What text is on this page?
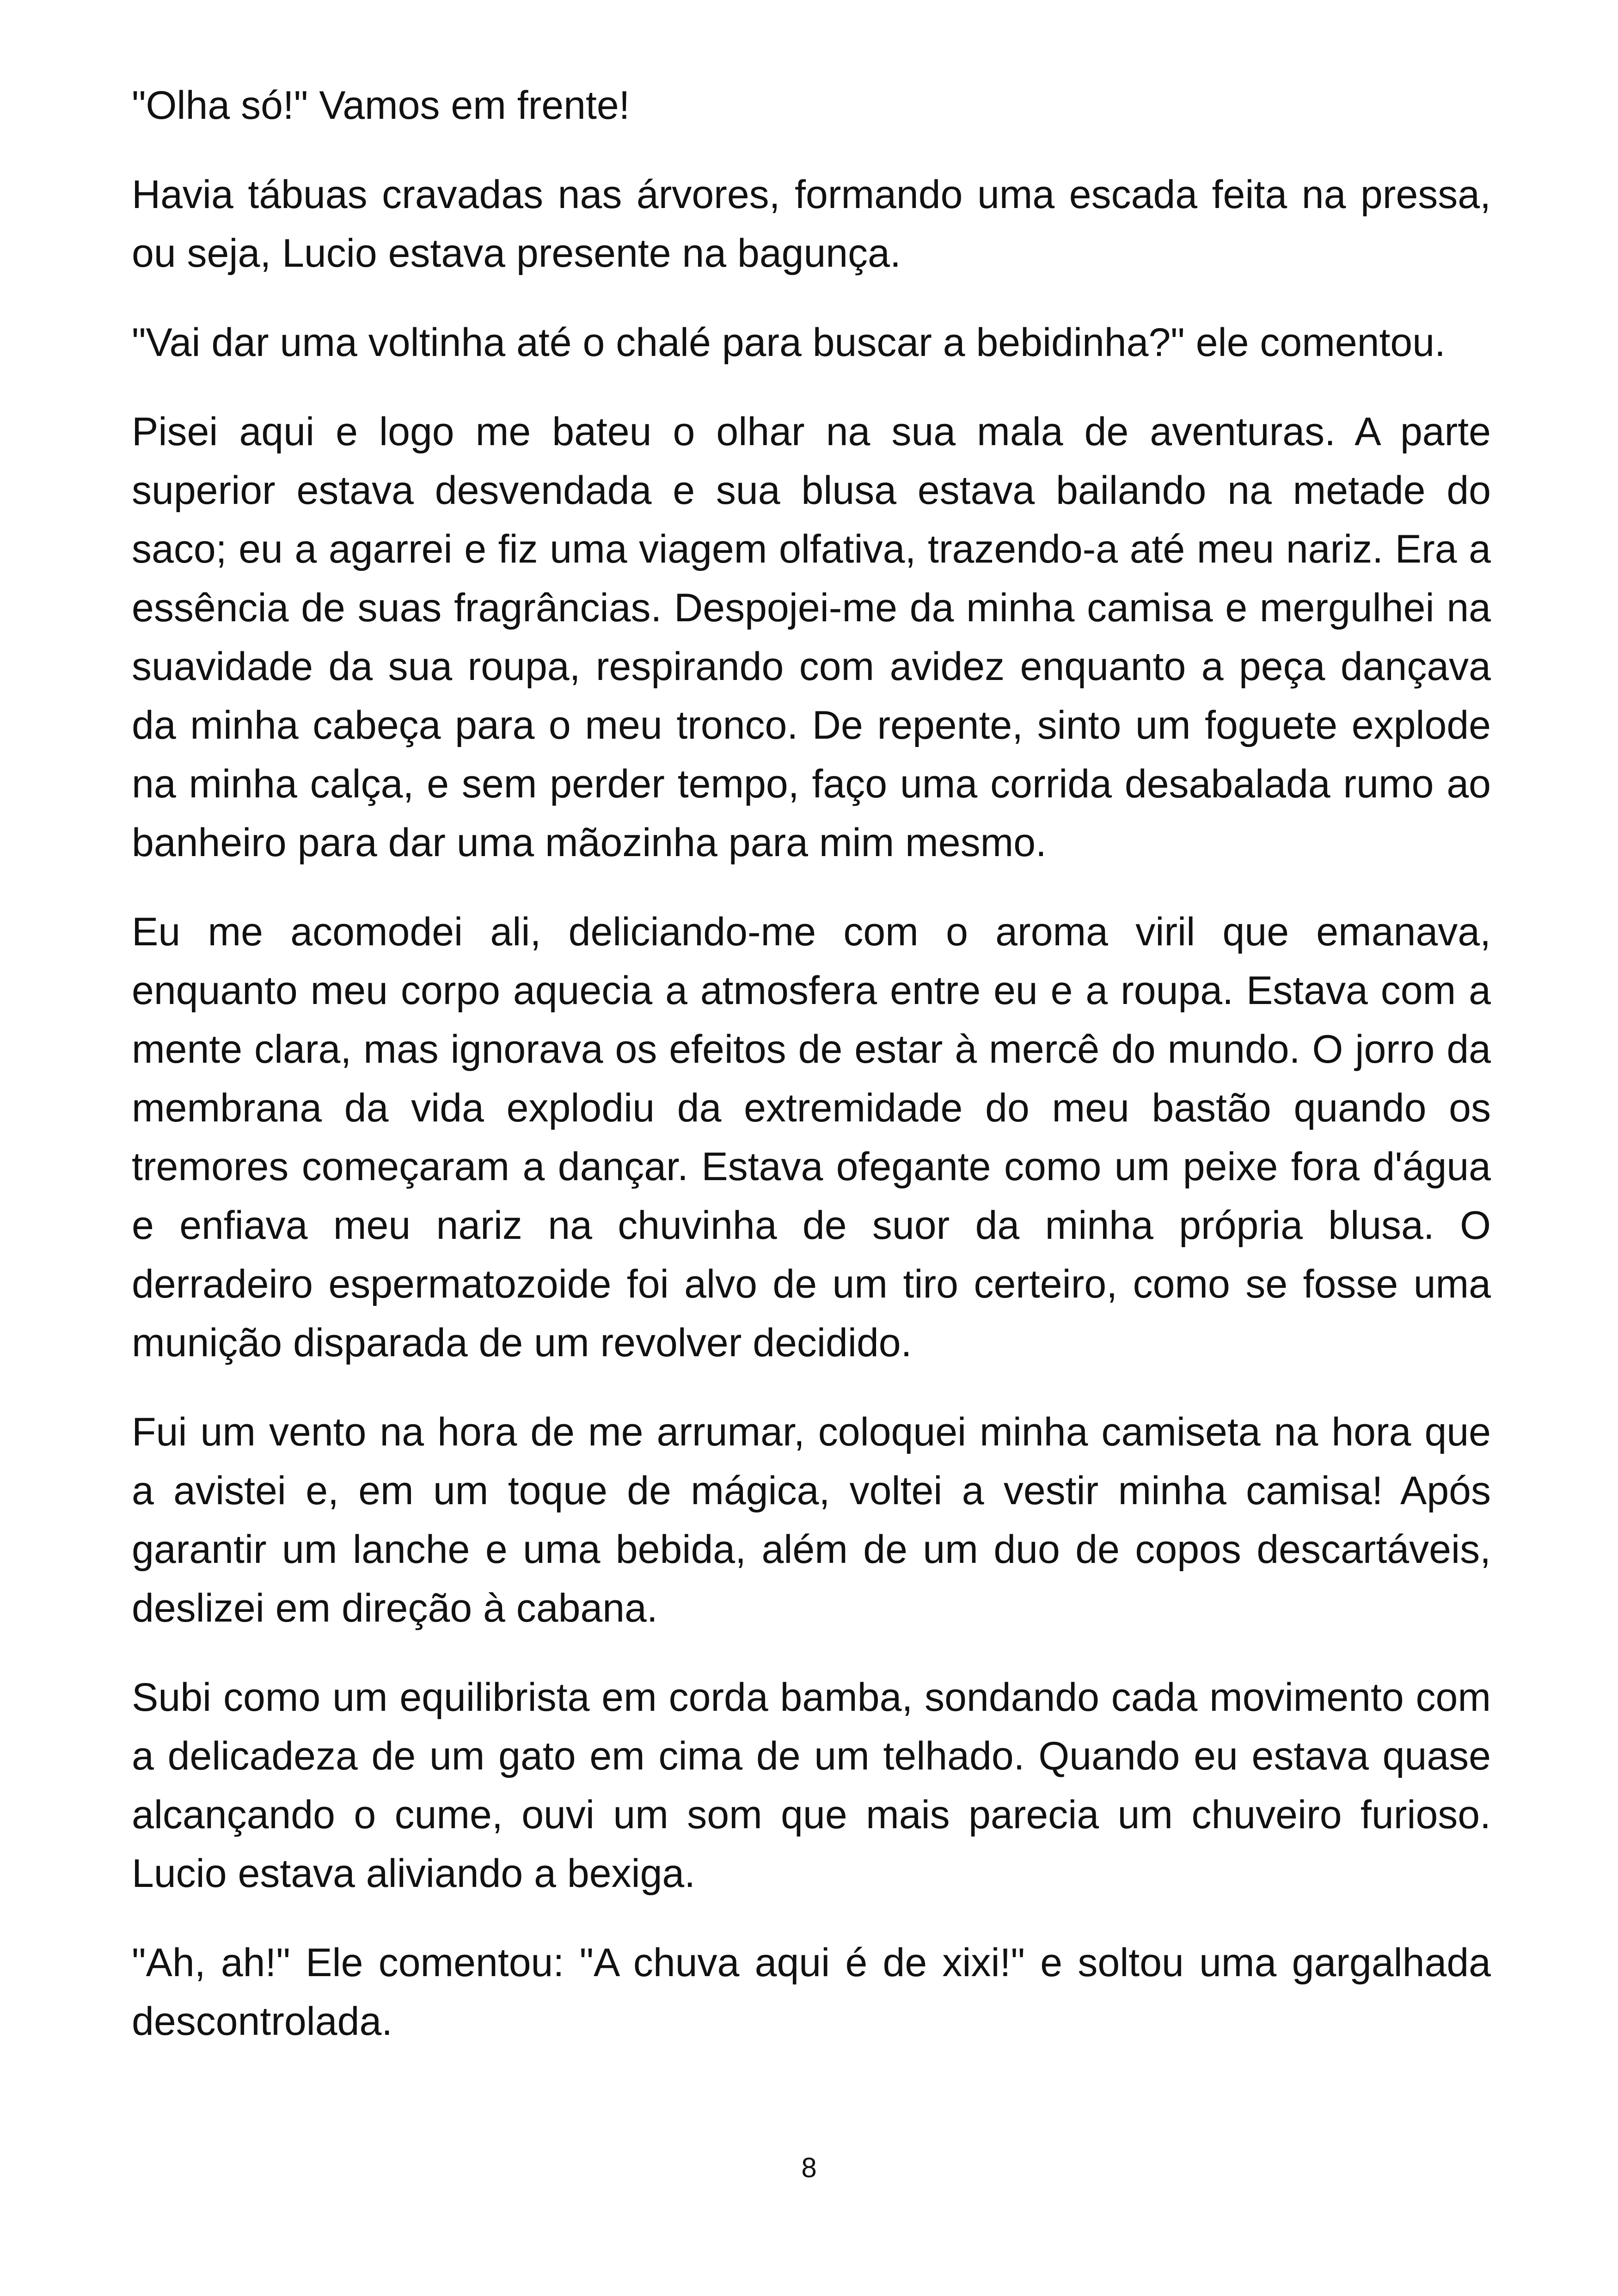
"Olha só!" Vamos em frente!

Havia tábuas cravadas nas árvores, formando uma escada feita na pressa, ou seja, Lucio estava presente na bagunça.

"Vai dar uma voltinha até o chalé para buscar a bebidinha?" ele comentou.

Pisei aqui e logo me bateu o olhar na sua mala de aventuras. A parte superior estava desvendada e sua blusa estava bailando na metade do saco; eu a agarrei e fiz uma viagem olfativa, trazendo-a até meu nariz. Era a essência de suas fragrâncias. Despojei-me da minha camisa e mergulhei na suavidade da sua roupa, respirando com avidez enquanto a peça dançava da minha cabeça para o meu tronco. De repente, sinto um foguete explode na minha calça, e sem perder tempo, faço uma corrida desabalada rumo ao banheiro para dar uma mãozinha para mim mesmo.

Eu me acomodei ali, deliciando-me com o aroma viril que emanava, enquanto meu corpo aquecia a atmosfera entre eu e a roupa. Estava com a mente clara, mas ignorava os efeitos de estar à mercê do mundo. O jorro da membrana da vida explodiu da extremidade do meu bastão quando os tremores começaram a dançar. Estava ofegante como um peixe fora d'água e enfiava meu nariz na chuvinha de suor da minha própria blusa. O derradeiro espermatozoide foi alvo de um tiro certeiro, como se fosse uma munição disparada de um revolver decidido.

Fui um vento na hora de me arrumar, coloquei minha camiseta na hora que a avistei e, em um toque de mágica, voltei a vestir minha camisa! Após garantir um lanche e uma bebida, além de um duo de copos descartáveis, deslizei em direção à cabana.

Subi como um equilibrista em corda bamba, sondando cada movimento com a delicadeza de um gato em cima de um telhado. Quando eu estava quase alcançando o cume, ouvi um som que mais parecia um chuveiro furioso. Lucio estava aliviando a bexiga.

"Ah, ah!" Ele comentou: "A chuva aqui é de xixi!" e soltou uma gargalhada descontrolada.

8
